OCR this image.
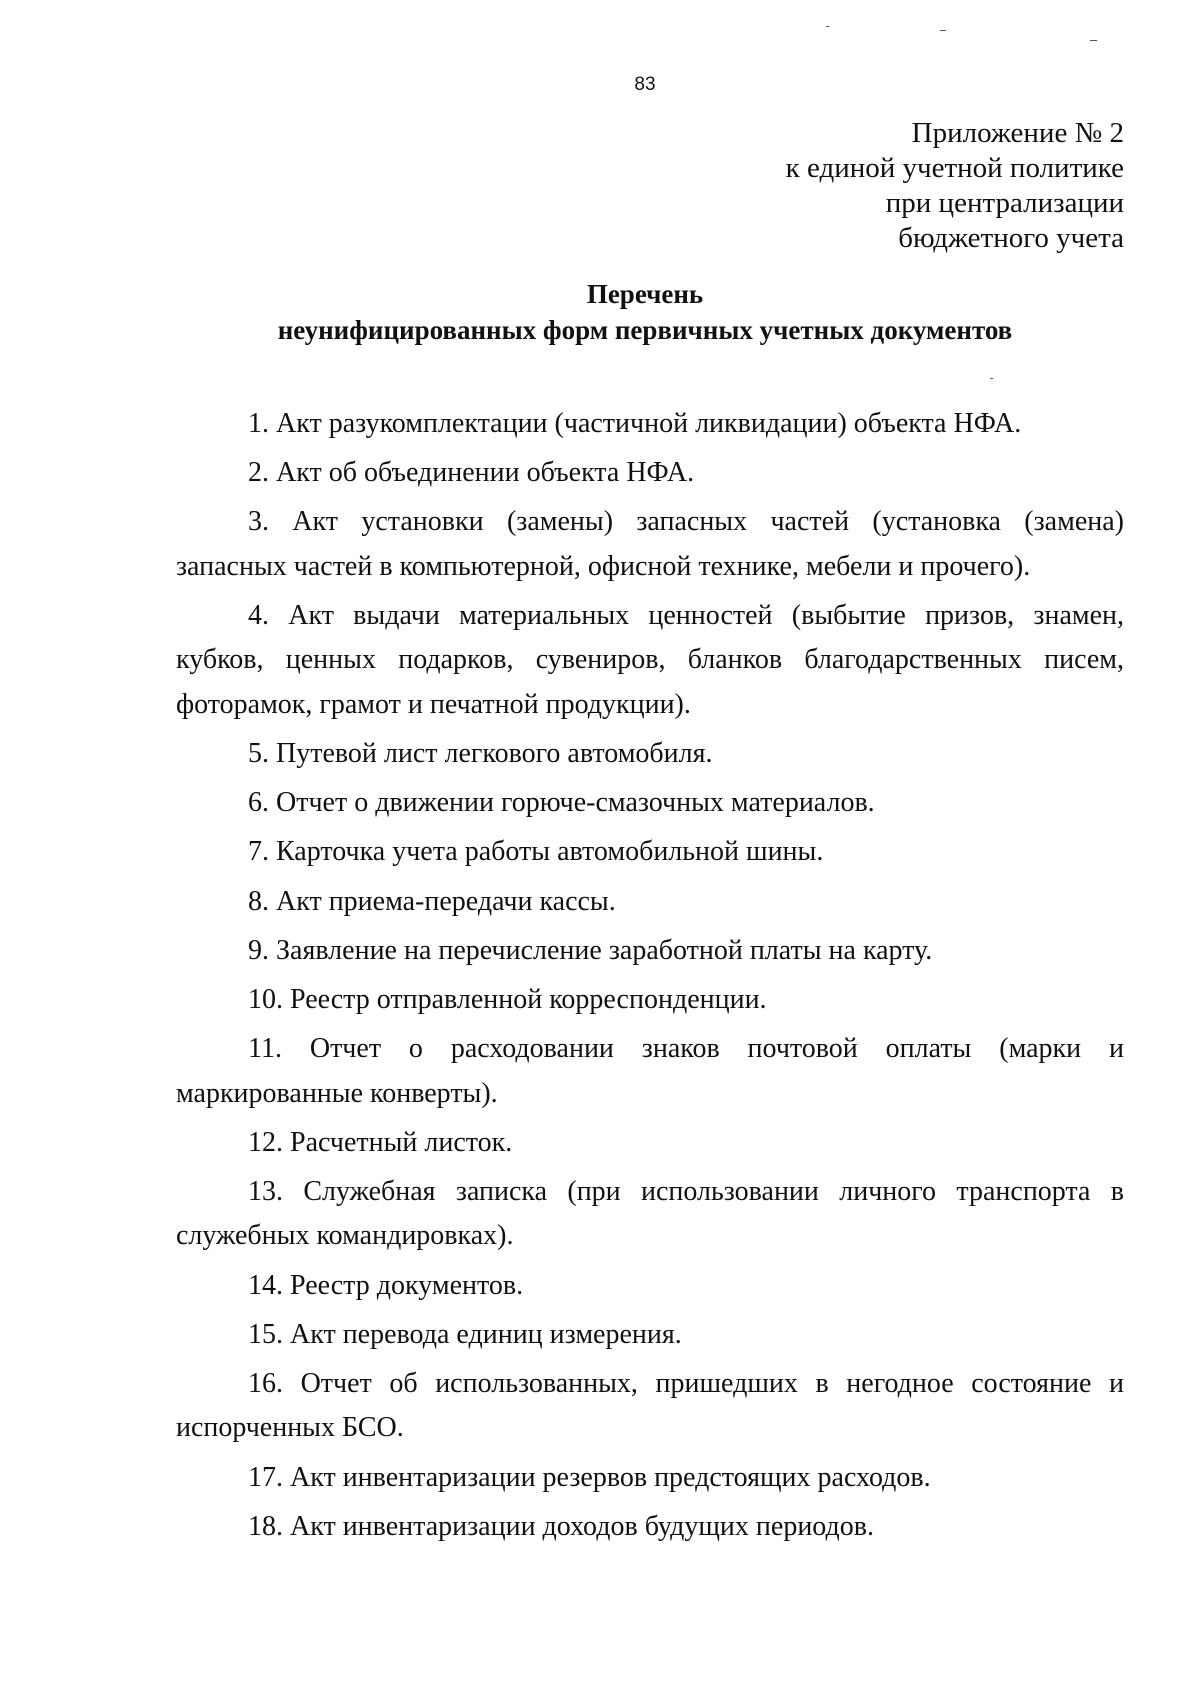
83
Приложение № 2
к единой учетной политике
при централизации
бюджетного учета
Перечень
неунифицированных форм первичных учетных документов

1. Акт разукомплектации (частичной ликвидации) объекта НФА.

2. Акт об объединении объекта НФА.

3. Акт установки (замены) запасных частей (установка (замена) запасных частей в компьютерной, офисной технике, мебели и прочего).

4. Акт выдачи материальных ценностей (выбытие призов, знамен, кубков, ценных подарков, сувениров, бланков благодарственных писем, фоторамок, грамот и печатной продукции).

5. Путевой лист легкового автомобиля.

6. Отчет о движении горюче-смазочных материалов.

7. Карточка учета работы автомобильной шины.

8. Акт приема-передачи кассы.

9. Заявление на перечисление заработной платы на карту.

10. Реестр отправленной корреспонденции.

11. Отчет о расходовании знаков почтовой оплаты (марки и маркированные конверты).

12. Расчетный листок.

13. Служебная записка (при использовании личного транспорта в служебных командировках).

14. Реестр документов.

15. Акт перевода единиц измерения.

16. Отчет об использованных, пришедших в негодное состояние и испорченных БСО.

17. Акт инвентаризации резервов предстоящих расходов.

18. Акт инвентаризации доходов будущих периодов.
